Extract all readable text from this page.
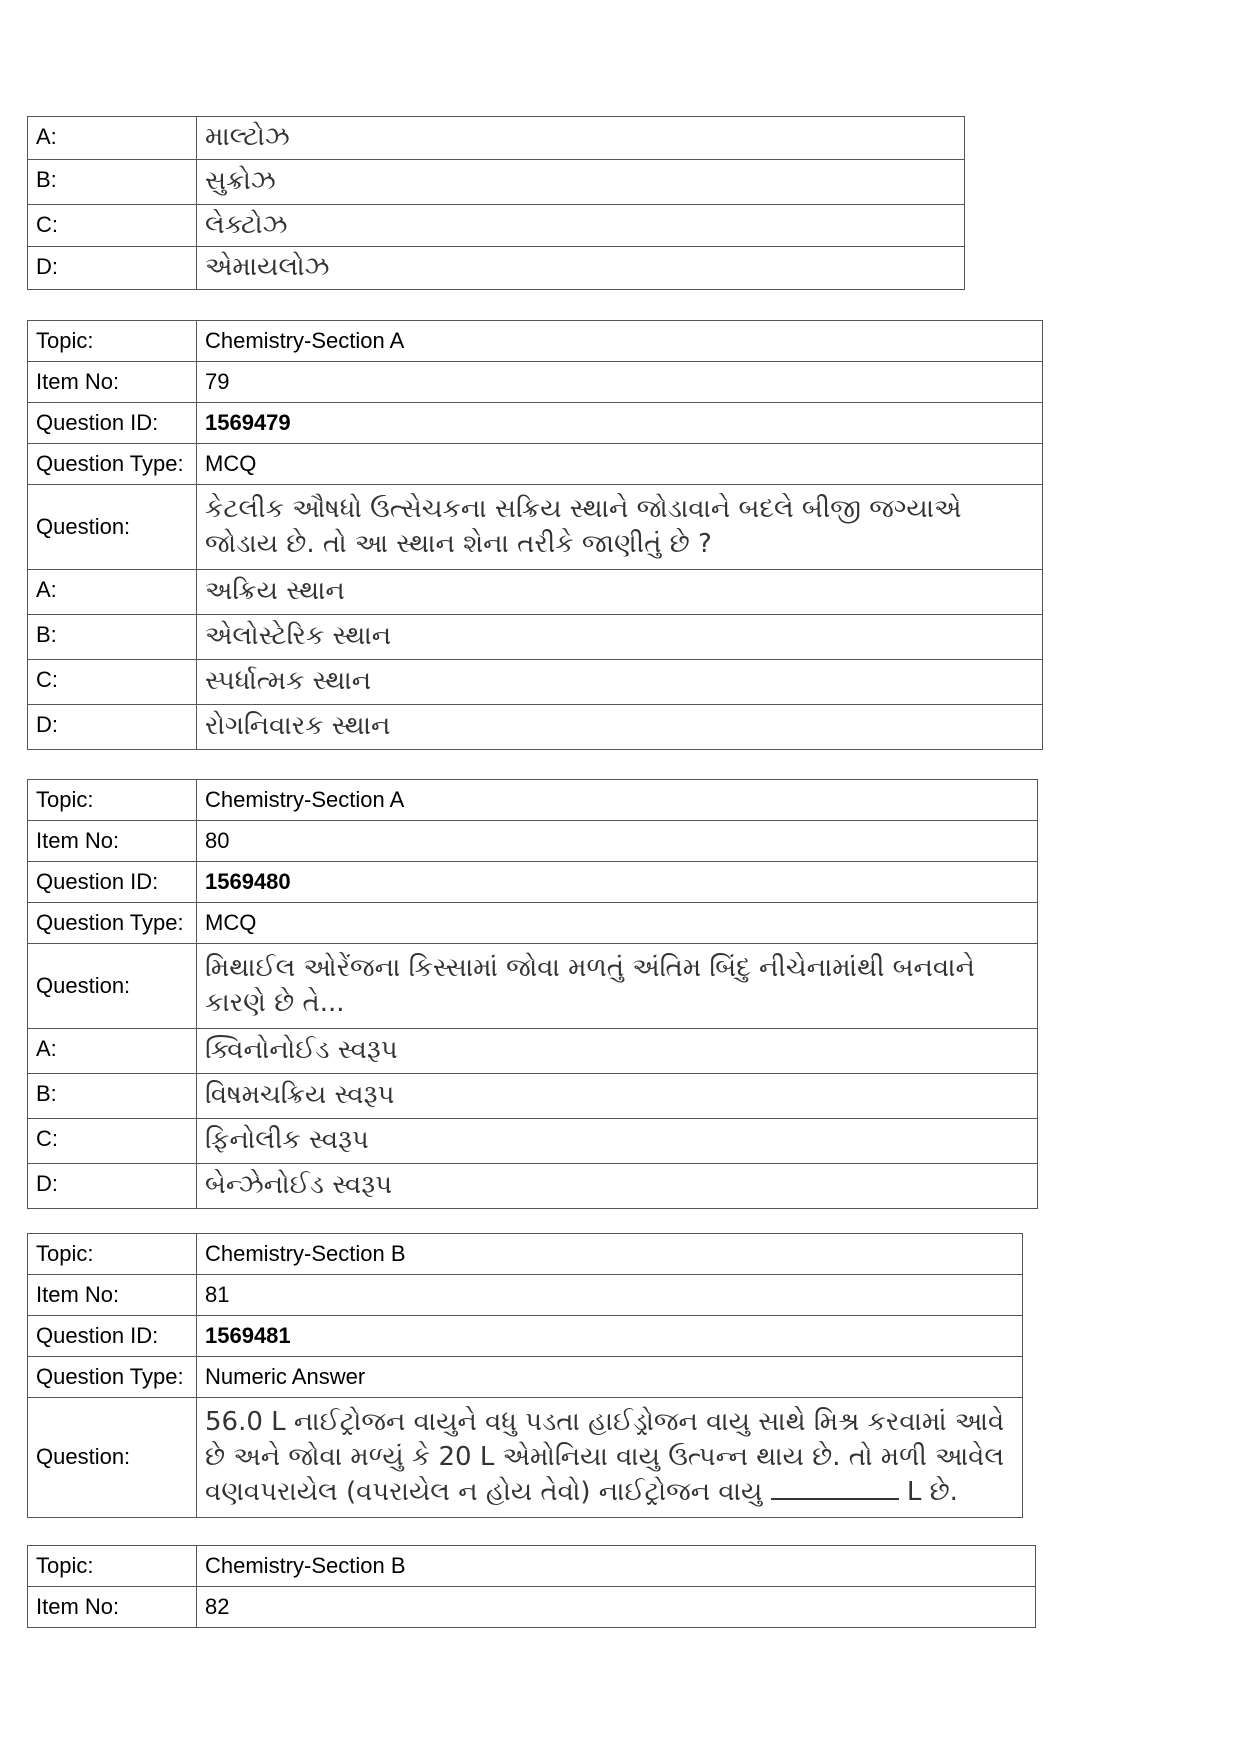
A:	માલ્ટોઝ
B:	સુક્રોઝ
C:	લેક્ટોઝ
D:	એમાયલોઝ
Topic:	Chemistry-Section A
Item No:	79
Question ID:	1569479
Question Type:	MCQ
Question:	કેટલીક ઔષધો ઉત્સેચકના સક્રિય સ્થાને જોડાવાને બદલે બીજી જગ્યાએ જોડાય છે. તો આ સ્થાન શેના તરીકે જાણીતું છે ?
A:	અક્રિય સ્થાન
B:	એલોસ્ટેરિક સ્થાન
C:	સ્પર્ધાત્મક સ્થાન
D:	રોગનિવારક સ્થાન
Topic:	Chemistry-Section A
Item No:	80
Question ID:	1569480
Question Type:	MCQ
Question:	મિથાઈલ ઓરેંજના કિસ્સામાં જોવા મળતું અંતિમ બિંદુ નીચેનામાંથી બનવાને કારણે છે તે...
A:	ક્વિનોનોઈડ સ્વરૂપ
B:	વિષમચક્રિય સ્વરૂપ
C:	ફિનોલીક સ્વરૂપ
D:	બેન્ઝેનોઈડ સ્વરૂપ
Topic:	Chemistry-Section B
Item No:	81
Question ID:	1569481
Question Type:	Numeric Answer
Question:	56.0 L નાઈટ્રોજન વાયુને વધુ પડતા હાઈડ્રોજન વાયુ સાથે મિશ્ર કરવામાં આવે છે અને જોવા મળ્યું કે 20 L એમોનિયા વાયુ ઉત્પન્ન થાય છે. તો મળી આવેલ વણવપરાયેલ (વપરાયેલ ન હોય તેવો) નાઈટ્રોજન વાયુ L છે.
Topic:	Chemistry-Section B
Item No:	82
